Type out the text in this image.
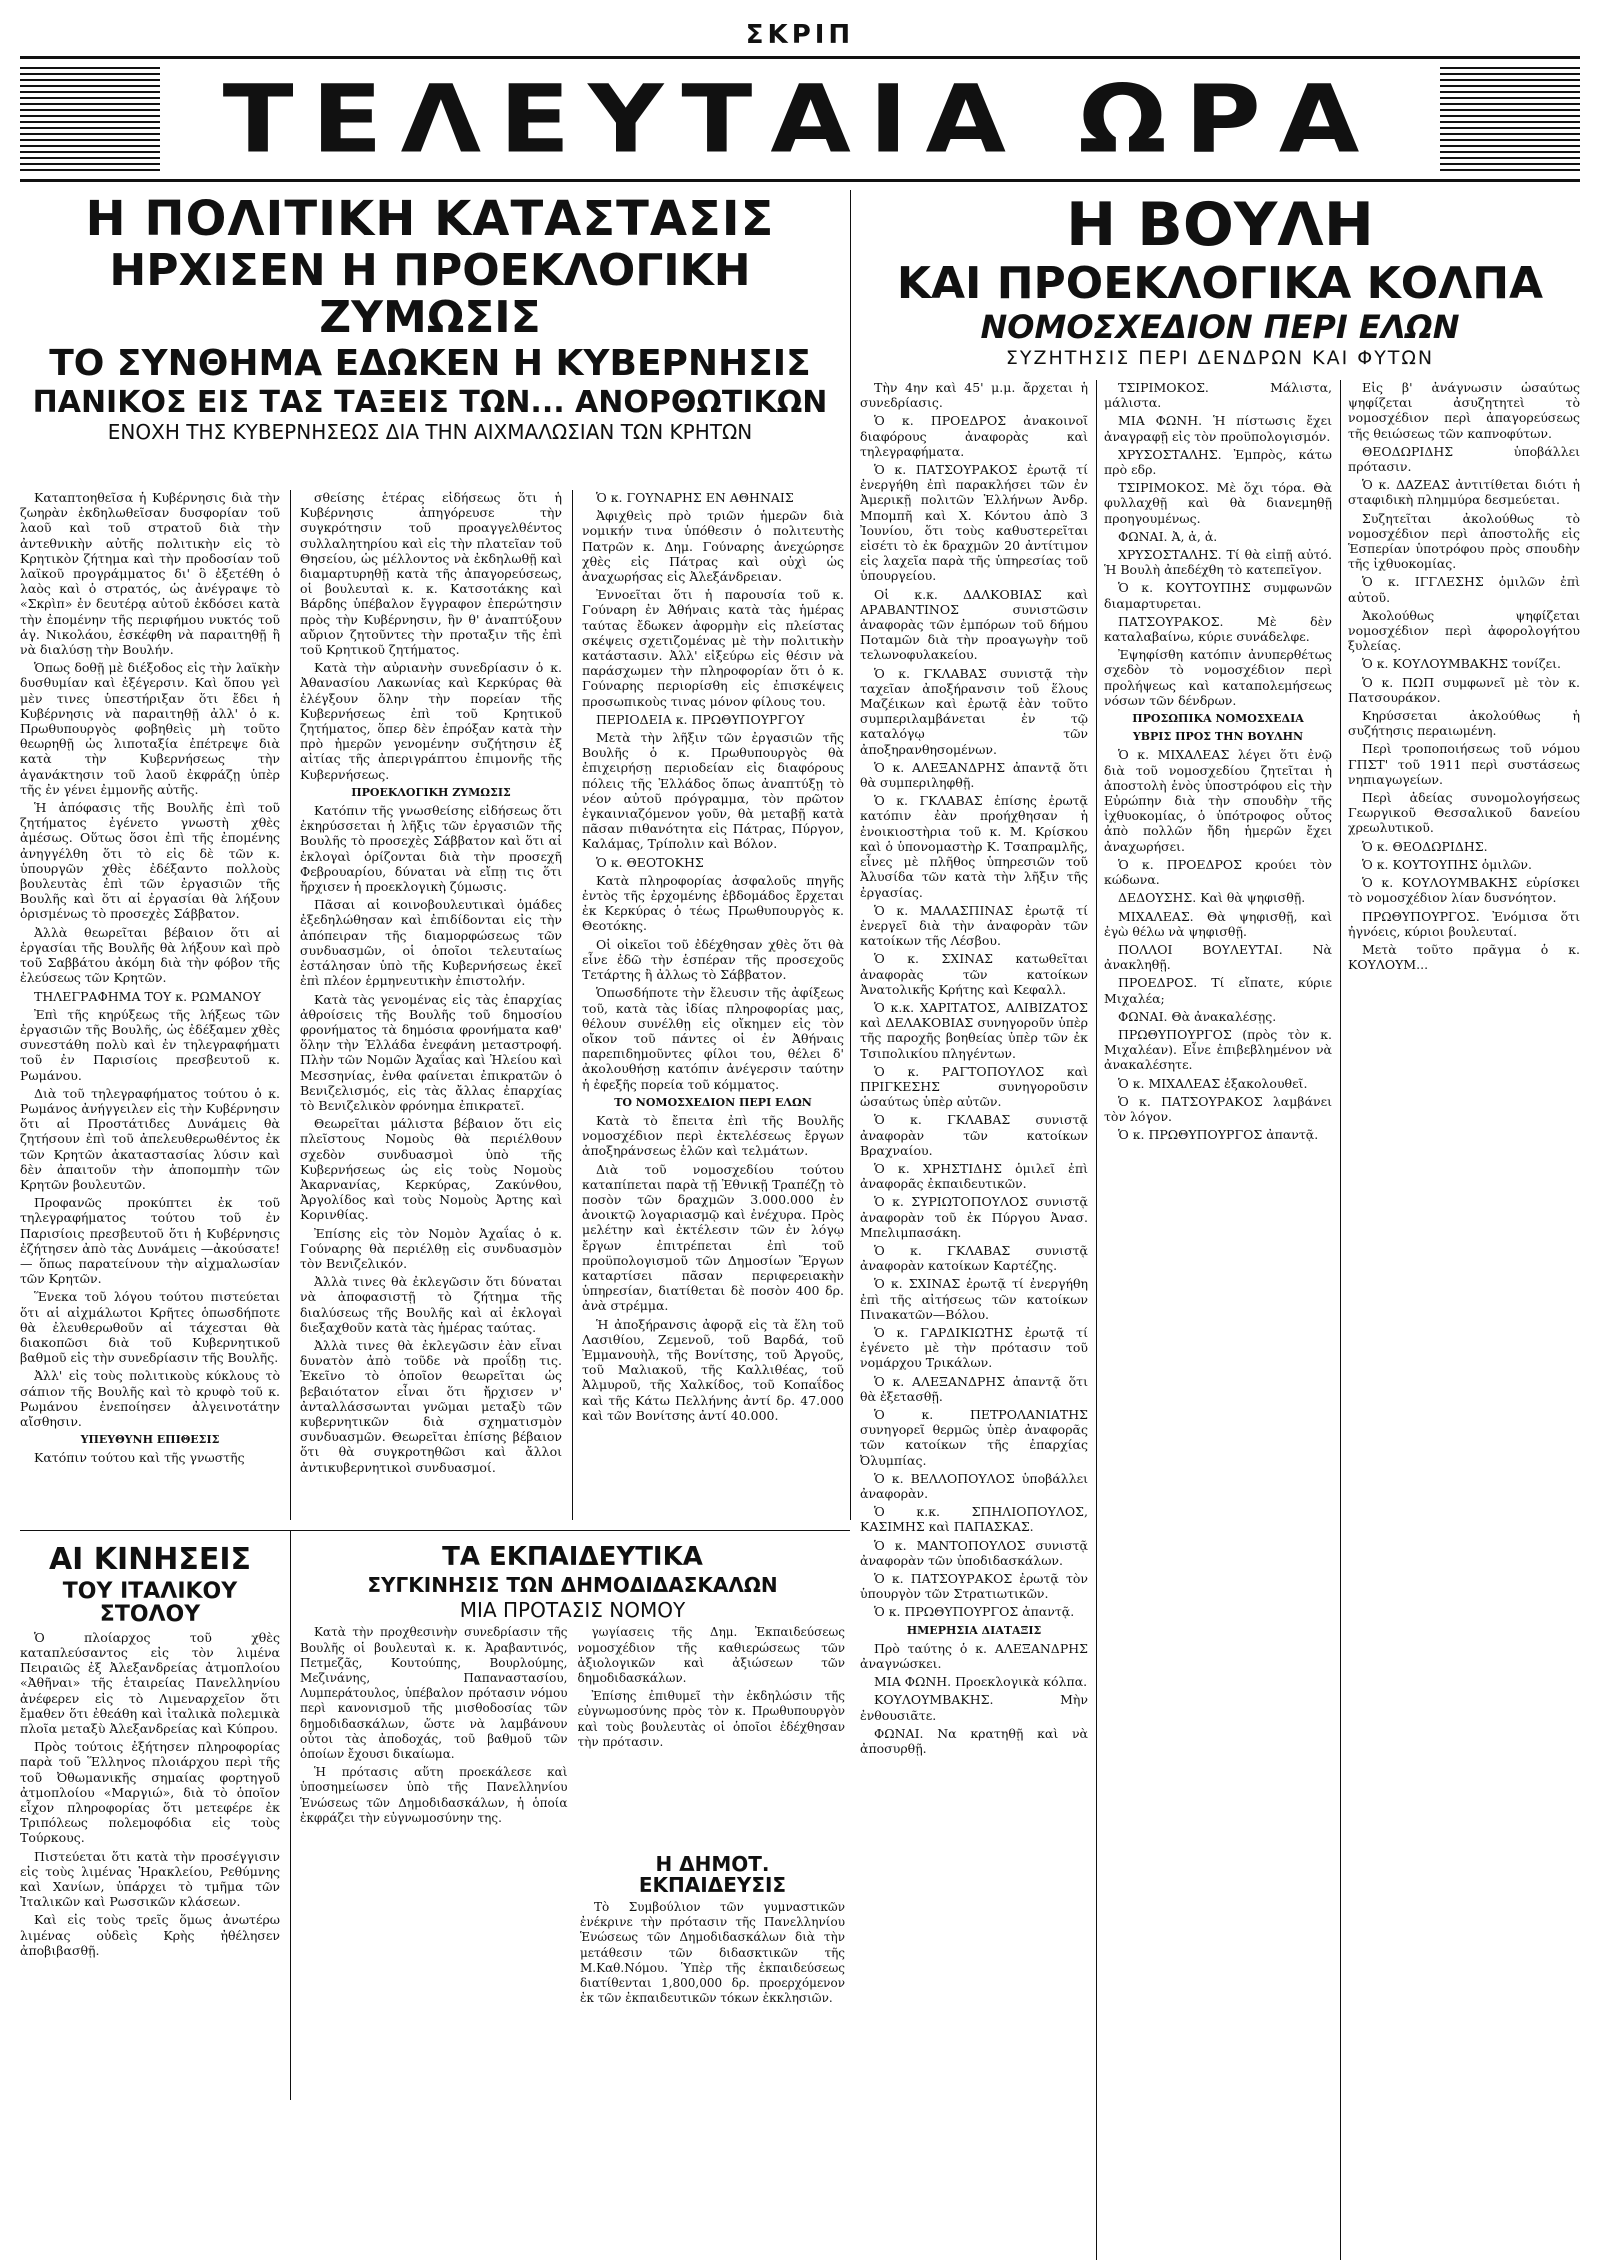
ΣΚΡΙΠ
ΤΕΛΕΥΤΑΙΑ ΩΡΑ
Η ΠΟΛΙΤΙΚΗ ΚΑΤΑΣΤΑΣΙΣ
ΗΡΧΙΣΕΝ Η ΠΡΟΕΚΛΟΓΙΚΗ ΖΥΜΩΣΙΣ
ΤΟ ΣΥΝΘΗΜΑ ΕΔΩΚΕΝ Η ΚΥΒΕΡΝΗΣΙΣ
ΠΑΝΙΚΟΣ ΕΙΣ ΤΑΣ ΤΑΞΕΙΣ ΤΩΝ... ΑΝΟΡΘΩΤΙΚΩΝ
ΕΝΟΧΗ ΤΗΣ ΚΥΒΕΡΝΗΣΕΩΣ ΔΙΑ ΤΗΝ ΑΙΧΜΑΛΩΣΙΑΝ ΤΩΝ ΚΡΗΤΩΝ
Η ΒΟΥΛΗ
ΚΑΙ ΠΡΟΕΚΛΟΓΙΚΑ ΚΟΛΠΑ
ΝΟΜΟΣΧΕΔΙΟΝ ΠΕΡΙ ΕΛΩΝ
ΣΥΖΗΤΗΣΙΣ ΠΕΡΙ ΔΕΝΔΡΩΝ ΚΑΙ ΦΥΤΩΝ

Καταπτοηθεῖσα ἡ Κυβέρνησις διὰ τὴν ζωηρὰν ἐκδηλωθεῖσαν δυσφορίαν τοῦ λαοῦ καὶ τοῦ στρατοῦ διὰ τὴν ἀντεθνικὴν αὐτῆς πολιτικὴν εἰς τὸ Κρητικὸν ζήτημα καὶ τὴν προδοσίαν τοῦ λαϊκοῦ προγράμματος δι' ὃ ἐξετέθη ὁ λαὸς καὶ ὁ στρατός, ὡς ἀνέγραψε τὸ «Σκρὶπ» ἐν δευτέρᾳ αὐτοῦ ἐκδόσει κατὰ τὴν ἐπομένην τῆς περιφήμου νυκτός τοῦ ἁγ. Νικολάου, ἐσκέφθη νὰ παραιτηθῇ ἢ νὰ διαλύσῃ τὴν Βουλήν.

Ὁπως δοθῇ μὲ διέξοδος εἰς τὴν λαϊκὴν δυσθυμίαν καὶ ἐξέγερσιν. Καὶ ὅπου γεὶ μὲν τινες ὑπεστήριξαν ὅτι ἔδει ἡ Κυβέρνησις νὰ παραιτηθῇ ἀλλ' ὁ κ. Πρωθυπουργὸς φοβηθεὶς μὴ τοῦτο θεωρηθῇ ὡς λιποταξία ἐπέτρεψε διὰ κατὰ τὴν Κυβερνήσεως τὴν ἀγανάκτησιν τοῦ λαοῦ ἐκφράζῃ ὑπὲρ τῆς ἐν γένει ἐμμονῆς αὐτῆς.

Ἡ ἀπόφασις τῆς Βουλῆς ἐπὶ τοῦ ζητήματος ἐγένετο γνωστὴ χθὲς ἀμέσως. Οὕτως ὅσοι ἐπὶ τῆς ἐπομένης ἀνηγγέλθη ὅτι τὸ εἰς δὲ τῶν κ. ὑπουργῶν χθὲς ἐδέξαντο πολλοὺς βουλευτὰς ἐπὶ τῶν ἐργασιῶν τῆς Βουλῆς καὶ ὅτι αἱ ἐργασίαι θὰ λήξουν ὁρισμένως τὸ προσεχὲς Σάββατον.

Ἀλλὰ θεωρεῖται βέβαιον ὅτι αἱ ἐργασίαι τῆς Βουλῆς θὰ λήξουν καὶ πρὸ τοῦ Σαββάτου ἀκόμη διὰ τὴν φόβον τῆς ἐλεύσεως τῶν Κρητῶν.

ΤΗΛΕΓΡΑΦΗΜΑ ΤΟΥ κ. ΡΩΜΑΝΟΥ

Ἐπὶ τῆς κηρύξεως τῆς λήξεως τῶν ἐργασιῶν τῆς Βουλῆς, ὡς ἐδέξαμεν χθὲς συνεστάθη πολὺ καὶ ἐν τηλεγραφήματι τοῦ ἐν Παρισίοις πρεσβευτοῦ κ. Ρωμάνου.

Διὰ τοῦ τηλεγραφήματος τούτου ὁ κ. Ρωμάνος ἀνήγγειλεν εἰς τὴν Κυβέρνησιν ὅτι αἱ Προστάτιδες Δυνάμεις θὰ ζητήσουν ἐπὶ τοῦ ἀπελευθερωθέντος ἐκ τῶν Κρητῶν ἀκαταστασίας λύσιν καὶ δὲν ἀπαιτοῦν τὴν ἀποπομπὴν τῶν Κρητῶν βουλευτῶν.

Προφανῶς προκύπτει ἐκ τοῦ τηλεγραφήματος τούτου τοῦ ἐν Παρισίοις πρεσβευτοῦ ὅτι ἡ Κυβέρνησις ἐζήτησεν ἀπὸ τὰς Δυνάμεις —ἀκούσατε!— ὅπως παρατείνουν τὴν αἰχμαλωσίαν τῶν Κρητῶν.

Ἕνεκα τοῦ λόγου τούτου πιστεύεται ὅτι αἱ αἰχμάλωτοι Κρῆτες ὁπωσδήποτε θὰ ἐλευθερωθοῦν αἱ τάχεσται θὰ διακοπῶσι διὰ τοῦ Κυβερνητικοῦ βαθμοῦ εἰς τὴν συνεδρίασιν τῆς Βουλῆς.

Ἀλλ' εἰς τοὺς πολιτικοὺς κύκλους τὸ σάπιον τῆς Βουλῆς καὶ τὸ κρυφὸ τοῦ κ. Ρωμάνου ἐνεποίησεν ἀλγεινοτάτην αἴσθησιν.

ΥΠΕΥΘΥΝΗ ΕΠΙΘΕΣΙΣ

Κατόπιν τούτου καὶ τῆς γνωστῆς

σθείσης ἑτέρας εἰδήσεως ὅτι ἡ Κυβέρνησις ἀπηγόρευσε τὴν συγκρότησιν τοῦ προαγγελθέντος συλλαλητηρίου καὶ εἰς τὴν πλατεῖαν τοῦ Θησείου, ὡς μέλλοντος νὰ ἐκδηλωθῇ καὶ διαμαρτυρηθῇ κατὰ τῆς ἀπαγορεύσεως, οἱ βουλευταὶ κ. κ. Κατσοτάκης καὶ Βάρδης ὑπέβαλον ἔγγραφον ἐπερώτησιν πρὸς τὴν Κυβέρνησιν, ἣν θ' ἀναπτύξουν αὔριον ζητοῦντες τὴν προταξιν τῆς ἐπὶ τοῦ Κρητικοῦ ζητήματος.

Κατὰ τὴν αὐριανὴν συνεδρίασιν ὁ κ. Ἀθανασίου Λακωνίας καὶ Κερκύρας θὰ ἐλέγξουν ὅλην τὴν πορείαν τῆς Κυβερνήσεως ἐπὶ τοῦ Κρητικοῦ ζητήματος, ὅπερ δὲν ἐπρόξαν κατὰ τὴν πρὸ ἡμερῶν γενομένην συζήτησιν ἐξ αἰτίας τῆς ἀπεριγράπτου ἐπιμονῆς τῆς Κυβερνήσεως.

ΠΡΟΕΚΛΟΓΙΚΗ ΖΥΜΩΣΙΣ

Κατόπιν τῆς γνωσθείσης εἰδήσεως ὅτι ἐκηρύσσεται ἡ λῆξις τῶν ἐργασιῶν τῆς Βουλῆς τὸ προσεχὲς Σάββατον καὶ ὅτι αἱ ἐκλογαὶ ὁρίζονται διὰ τὴν προσεχῆ Φεβρουαρίου, δύναται νὰ εἴπῃ τις ὅτι ἤρχισεν ἡ προεκλογικὴ ζύμωσις.

Πᾶσαι αἱ κοινοβουλευτικαὶ ὁμάδες ἐξεδηλώθησαν καὶ ἐπιδίδονται εἰς τὴν ἀπόπειραν τῆς διαμορφώσεως τῶν συνδυασμῶν, οἱ ὁποῖοι τελευταίως ἐστάλησαν ὑπὸ τῆς Κυβερνήσεως ἐκεῖ ἐπὶ πλέον ἑρμηνευτικὴν ἐπιστολήν.

Κατὰ τὰς γενομένας εἰς τὰς ἐπαρχίας ἀθροίσεις τῆς Βουλῆς τοῦ δημοσίου φρονήματος τὰ δημόσια φρονήματα καθ' ὅλην τὴν Ἑλλάδα ἐνεφάνη μεταστροφή. Πλὴν τῶν Νομῶν Ἀχαΐας καὶ Ἠλείου καὶ Μεσσηνίας, ἐνθα φαίνεται ἐπικρατῶν ὁ Βενιζελισμός, εἰς τὰς ἄλλας ἐπαρχίας τὸ Βενιζελικὸν φρόνημα ἐπικρατεῖ.

Θεωρεῖται μάλιστα βέβαιον ὅτι εἰς πλεῖστους Νομοὺς θὰ περιέλθουν σχεδὸν συνδυασμοὶ ὑπὸ τῆς Κυβερνήσεως ὡς εἰς τοὺς Νομοὺς Ἀκαρνανίας, Κερκύρας, Ζακύνθου, Ἀργολίδος καὶ τοὺς Νομοὺς Ἀρτης καὶ Κορινθίας.

Ἐπίσης εἰς τὸν Νομὸν Ἀχαΐας ὁ κ. Γούναρης θὰ περιέλθῃ εἰς συνδυασμὸν τὸν Βενιζελικόν.

Ἀλλὰ τινες θὰ ἐκλεγῶσιν ὅτι δύναται νὰ ἀποφασιστῇ τὸ ζήτημα τῆς διαλύσεως τῆς Βουλῆς καὶ αἱ ἐκλογαὶ διεξαχθοῦν κατὰ τὰς ἡμέρας ταύτας.

Ἀλλὰ τινες θὰ ἐκλεγῶσιν ἐὰν εἶναι δυνατὸν ἀπὸ τοῦδε νὰ προΐδῃ τις. Ἐκεῖνο τὸ ὁποῖον θεωρεῖται ὡς βεβαιότατον εἶναι ὅτι ἤρχισεν ν' ἀνταλλάσσωνται γνῶμαι μεταξὺ τῶν κυβερνητικῶν διὰ σχηματισμὸν συνδυασμῶν. Θεωρεῖται ἐπίσης βέβαιον ὅτι θὰ συγκροτηθῶσι καὶ ἄλλοι ἀντικυβερνητικοὶ συνδυασμοί.

Ὁ κ. ΓΟΥΝΑΡΗΣ ΕΝ ΑΘΗΝΑΙΣ

Ἀφιχθεὶς πρὸ τριῶν ἡμερῶν διὰ νομικήν τινα ὑπόθεσιν ὁ πολιτευτὴς Πατρῶν κ. Δημ. Γούναρης ἀνεχώρησε χθὲς εἰς Πάτρας καὶ οὐχὶ ὡς ἀναχωρήσας εἰς Ἀλεξάνδρειαν.

Ἐννοεῖται ὅτι ἡ παρουσία τοῦ κ. Γούναρη ἐν Ἀθήναις κατὰ τὰς ἡμέρας ταύτας ἔδωκεν ἀφορμὴν εἰς πλείστας σκέψεις σχετιζομένας μὲ τὴν πολιτικὴν κατάστασιν. Ἀλλ' εἰξεύρω εἰς θέσιν νὰ παράσχωμεν τὴν πληροφορίαν ὅτι ὁ κ. Γούναρης περιορίσθη εἰς ἐπισκέψεις προσωπικοὺς τινας μόνον φίλους του.

ΠΕΡΙΟΔΕΙΑ κ. ΠΡΩΘΥΠΟΥΡΓΟΥ

Μετὰ τὴν λῆξιν τῶν ἐργασιῶν τῆς Βουλῆς ὁ κ. Πρωθυπουργὸς θὰ ἐπιχειρήσῃ περιοδείαν εἰς διαφόρους πόλεις τῆς Ἑλλάδος ὅπως ἀναπτύξῃ τὸ νέον αὐτοῦ πρόγραμμα, τὸν πρῶτον ἐγκαινιαζόμενον γοῦν, θὰ μεταβῇ κατὰ πᾶσαν πιθανότητα εἰς Πάτρας, Πύργον, Καλάμας, Τρίπολιν καὶ Βόλον.

Ὁ κ. ΘΕΟΤΟΚΗΣ

Κατὰ πληροφορίας ἀσφαλοῦς πηγῆς ἐντὸς τῆς ἐρχομένης ἑβδομάδος ἔρχεται ἐκ Κερκύρας ὁ τέως Πρωθυπουργὸς κ. Θεοτόκης.

Οἱ οἰκεῖοι τοῦ ἐδέχθησαν χθὲς ὅτι θὰ εἶνε ἐδῶ τὴν ἑσπέραν τῆς προσεχοῦς Τετάρτης ἢ ἀλλως τὸ Σάββατον.

Ὁπωσδήποτε τὴν ἔλευσιν τῆς ἀφίξεως τοῦ, κατὰ τὰς ἰδίας πληροφορίας μας, θέλουν συνέλθῃ εἰς οἴκημεν εἰς τὸν οἴκον τοῦ πάντες οἱ ἐν Ἀθήναις παρεπιδημοῦντες φίλοι του, θέλει δ' ἀκολουθήσῃ κατόπιν ἀνέγερσιν ταύτην ἡ ἐφεξῆς πορεία τοῦ κόμματος.

ΤΟ ΝΟΜΟΣΧΕΔΙΟΝ ΠΕΡΙ ΕΛΩΝ

Κατὰ τὸ ἔπειτα ἐπὶ τῆς Βουλῆς νομοσχέδιον περὶ ἐκτελέσεως ἔργων ἀποξηράνσεως ἑλῶν καὶ τελμάτων.

Διὰ τοῦ νομοσχεδίου τούτου καταπίπεται παρὰ τῇ Ἐθνικῇ Τραπέζῃ τὸ ποσὸν τῶν δραχμῶν 3.000.000 ἐν ἀνοικτῷ λογαριασμῷ καὶ ἐνέχυρα. Πρὸς μελέτην καὶ ἐκτέλεσιν τῶν ἐν λόγῳ ἔργων ἐπιτρέπεται ἐπὶ τοῦ προϋπολογισμοῦ τῶν Δημοσίων Ἔργων καταρτίσει πᾶσαν περιφερειακὴν ὑπηρεσίαν, διατίθεται δὲ ποσὸν 400 δρ. ἀνὰ στρέμμα.

Ἡ ἀποξήρανσις ἀφορᾷ εἰς τὰ ἕλη τοῦ Λασιθίου, Ζεμενοῦ, τοῦ Βαρδά, τοῦ Ἐμμανουὴλ, τῆς Βονίτσης, τοῦ Ἀργοῦς, τοῦ Μαλιακοῦ, τῆς Καλλιθέας, τοῦ Ἀλμυροῦ, τῆς Χαλκίδος, τοῦ Κοπαΐδος καὶ τῆς Κάτω Πελλήνης ἀντί δρ. 47.000 καὶ τῶν Βονίτσης ἀντί 40.000.

Τὴν 4ην καὶ 45' μ.μ. ἄρχεται ἡ συνεδρίασις.

Ὁ κ. ΠΡΟΕΔΡΟΣ ἀνακοινοῖ διαφόρους ἀναφορὰς καὶ τηλεγραφήματα.

Ὁ κ. ΠΑΤΣΟΥΡΑΚΟΣ ἐρωτᾷ τί ἐνεργήθη ἐπὶ παρακλήσει τῶν ἐν Ἀμερικῇ πολιτῶν Ἑλλήνων Ἀνδρ. Μπομπῆ καὶ Χ. Κόντου ἀπὸ 3 Ἰουνίου, ὅτι τοὺς καθυστερεῖται εἰσέτι τὸ ἐκ δραχμῶν 20 ἀντίτιμον εἰς λαχεῖα παρὰ τῆς ὑπηρεσίας τοῦ ὑπουργείου.

Οἱ κ.κ. ΔΑΛΚΟΒΙΑΣ καὶ ΑΡΑΒΑΝΤΙΝΟΣ συνιστῶσιν ἀναφορὰς τῶν ἐμπόρων τοῦ δήμου Ποταμῶν διὰ τὴν προαγωγὴν τοῦ τελωνοφυλακείου.

Ὁ κ. ΓΚΛΑΒΑΣ συνιστᾷ τὴν ταχεῖαν ἀποξήρανσιν τοῦ ἕλους Μαζέικων καὶ ἐρωτᾷ ἐὰν τοῦτο συμπεριλαμβάνεται ἐν τῷ καταλόγῳ τῶν ἀποξηρανθησομένων.

Ὁ κ. ΑΛΕΞΑΝΔΡΗΣ ἀπαντᾷ ὅτι θὰ συμπεριληφθῇ.

Ὁ κ. ΓΚΛΑΒΑΣ ἐπίσης ἐρωτᾷ κατόπιν ἐὰν προήχθησαν ἡ ἐνοικιοστὴρια τοῦ κ. Μ. Κρίσκου καὶ ὁ ὑπονομαστὴρ Κ. Τσαπραμλῆς, εἶνες μὲ πλῆθος ὑπηρεσιῶν τοῦ Ἀλυσίδα τῶν κατὰ τὴν λῆξιν τῆς ἐργασίας.

Ὁ κ. ΜΑΛΑΣΠΙΝΑΣ ἐρωτᾷ τί ἐνεργεῖ διὰ τὴν ἀναφορὰν τῶν κατοίκων τῆς Λέσβου.

Ὁ κ. ΣΧΙΝΑΣ κατωθεῖται ἀναφορὰς τῶν κατοίκων Ἀνατολικῆς Κρήτης καὶ Κεφαλλ.

Ὁ κ.κ. ΧΑΡΙΤΑΤΟΣ, ΑΛΙΒΙΖΑΤΟΣ καὶ ΔΕΛΑΚΟΒΙΑΣ συνηγοροῦν ὑπὲρ τῆς παροχῆς βοηθείας ὑπὲρ τῶν ἐκ Τσιπολικίου πληγέντων.

Ὁ κ. ΡΑΓΤΟΠΟΥΛΟΣ καὶ ΠΡΙΓΚΕΣΗΣ συνηγοροῦσιν ὡσαύτως ὑπὲρ αὐτῶν.

Ὁ κ. ΓΚΛΑΒΑΣ συνιστᾷ ἀναφορὰν τῶν κατοίκων Βραχναίου.

Ὁ κ. ΧΡΗΣΤΙΔΗΣ ὁμιλεῖ ἐπὶ ἀναφορᾶς ἐκπαιδευτικῶν.

Ὁ κ. ΣΥΡΙΩΤΟΠΟΥΛΟΣ συνιστᾷ ἀναφορὰν τοῦ ἐκ Πύργου Ἀνασ. Μπελιμπασάκη.

Ὁ κ. ΓΚΛΑΒΑΣ συνιστᾷ ἀναφορὰν κατοίκων Καρτέζης.

Ὁ κ. ΣΧΙΝΑΣ ἐρωτᾷ τί ἐνεργήθη ἐπὶ τῆς αἰτήσεως τῶν κατοίκων Πινακατῶν—Βόλου.

Ὁ κ. ΓΑΡΔΙΚΙΩΤΗΣ ἐρωτᾷ τί ἐγένετο μὲ τὴν πρότασιν τοῦ νομάρχου Τρικάλων.

Ὁ κ. ΑΛΕΞΑΝΔΡΗΣ ἀπαντᾷ ὅτι θὰ ἐξετασθῇ.

Ὁ κ. ΠΕΤΡΟΛΑΝΙΑΤΗΣ συνηγορεῖ θερμῶς ὑπὲρ ἀναφορᾶς τῶν κατοίκων τῆς ἐπαρχίας Ὀλυμπίας.

Ὁ κ. ΒΕΛΛΟΠΟΥΛΟΣ ὑποβάλλει ἀναφορὰν.

Ὁ κ.κ. ΣΠΗΛΙΟΠΟΥΛΟΣ, ΚΑΣΙΜΗΣ καὶ ΠΑΠΑΣΚΑΣ.

Ὁ κ. ΜΑΝΤΟΠΟΥΛΟΣ συνιστᾷ ἀναφορὰν τῶν ὑποδιδασκάλων.

Ὁ κ. ΠΑΤΣΟΥΡΑΚΟΣ ἐρωτᾷ τὸν ὑπουργὸν τῶν Στρατιωτικῶν.

Ὁ κ. ΠΡΩΘΥΠΟΥΡΓΟΣ ἀπαντᾷ.

ΗΜΕΡΗΣΙΑ ΔΙΑΤΑΞΙΣ

Πρὸ ταύτης ὁ κ. ΑΛΕΞΑΝΔΡΗΣ ἀναγνώσκει.

ΜΙΑ ΦΩΝΗ. Προεκλογικὰ κόλπα.

ΚΟΥΛΟΥΜΒΑΚΗΣ. Μὴν ἐνθουσιᾶτε.

ΦΩΝΑΙ. Να κρατηθῇ καὶ νὰ ἀποσυρθῇ.

ΤΣΙΡΙΜΟΚΟΣ. Μάλιστα, μάλιστα.

ΜΙΑ ΦΩΝΗ. Ἡ πίστωσις ἔχει ἀναγραφῇ εἰς τὸν προϋπολογισμόν.

ΧΡΥΣΟΣΤΑΛΗΣ. Ἐμπρὸς, κάτω πρὸ εδρ.

ΤΣΙΡΙΜΟΚΟΣ. Μὲ ὅχι τόρα. Θὰ φυλλαχθῇ καὶ θὰ διανεμηθῇ προηγουμένως.

ΦΩΝΑΙ. Ἀ, ἀ, ἀ.

ΧΡΥΣΟΣΤΑΛΗΣ. Τί θὰ εἰπῇ αὐτό. Ἡ Βουλὴ ἀπεδέχθη τὸ κατεπεῖγον.

Ὁ κ. ΚΟΥΤΟΥΠΗΣ συμφωνῶν διαμαρτυρεται.

ΠΑΤΣΟΥΡΑΚΟΣ. Μὲ δὲν καταλαβαίνω, κύριε συνάδελφε.

Ἐψηφίσθη κατόπιν ἀνυπερθέτως σχεδὸν τὸ νομοσχέδιον περὶ προλήψεως καὶ καταπολεμήσεως νόσων τῶν δένδρων.

ΠΡΟΣΩΠΙΚΑ ΝΟΜΟΣΧΕΔΙΑ

ΥΒΡΙΣ ΠΡΟΣ ΤΗΝ ΒΟΥΛΗΝ

Ὁ κ. ΜΙΧΑΛΕΑΣ λέγει ὅτι ἐνῷ διὰ τοῦ νομοσχεδίου ζητεῖται ἡ ἀποστολὴ ἑνὸς ὑποστρόφου εἰς τὴν Εὐρώπην διὰ τὴν σπουδὴν τῆς ἰχθυοκομίας, ὁ ὑπότροφος οὗτος ἀπὸ πολλῶν ἤδη ἡμερῶν ἔχει ἀναχωρήσει.

Ὁ κ. ΠΡΟΕΔΡΟΣ κρούει τὸν κώδωνα.

ΔΕΔΟΥΣΗΣ. Καὶ θὰ ψηφισθῇ.

ΜΙΧΑΛΕΑΣ. Θὰ ψηφισθῇ, καὶ ἐγὼ θέλω νὰ ψηφισθῇ.

ΠΟΛΛΟΙ ΒΟΥΛΕΥΤΑΙ. Νὰ ἀνακληθῇ.

ΠΡΟΕΔΡΟΣ. Τί εἴπατε, κύριε Μιχαλέα;

ΦΩΝΑΙ. Θὰ ἀνακαλέσῃς.

ΠΡΩΘΥΠΟΥΡΓΟΣ (πρὸς τὸν κ. Μιχαλέαν). Εἶνε ἐπιβεβλημένον νὰ ἀνακαλέσητε.

Ὁ κ. ΜΙΧΑΛΕΑΣ ἐξακολουθεῖ.

Ὁ κ. ΠΑΤΣΟΥΡΑΚΟΣ λαμβάνει τὸν λόγον.

Ὁ κ. ΠΡΩΘΥΠΟΥΡΓΟΣ ἀπαντᾷ.

Εἰς β' ἀνάγνωσιν ὡσαύτως ψηφίζεται ἀσυζητητεὶ τὸ νομοσχέδιον περὶ ἀπαγορεύσεως τῆς θειώσεως τῶν καπνοφύτων.

ΘΕΟΔΩΡΙΔΗΣ ὑποβάλλει πρότασιν.

Ὁ κ. ΔΑΖΕΑΣ ἀντιτίθεται διότι ἡ σταφιδικὴ πλημμύρα δεσμεύεται.

Συζητεῖται ἀκολούθως τὸ νομοσχέδιον περὶ ἀποστολῆς εἰς Ἑσπερίαν ὑποτρόφου πρὸς σπουδὴν τῆς ἰχθυοκομίας.

Ὁ κ. ΙΓΓΛΕΣΗΣ ὁμιλῶν ἐπὶ αὐτοῦ.

Ἀκολούθως ψηφίζεται νομοσχέδιον περὶ ἀφορολογήτου ξυλείας.

Ὁ κ. ΚΟΥΛΟΥΜΒΑΚΗΣ τονίζει.

Ὁ κ. ΠΩΠ συμφωνεῖ μὲ τὸν κ. Πατσουράκον.

Κηρύσσεται ἀκολούθως ἡ συζήτησις περαιωμένη.

Περὶ τροποποιήσεως τοῦ νόμου ΓΠΣΤ' τοῦ 1911 περὶ συστάσεως νηπιαγωγείων.

Περὶ ἀδείας συνομολογήσεως Γεωργικοῦ Θεσσαλικοῦ δανείου χρεωλυτικοῦ.

Ὁ κ. ΘΕΟΔΩΡΙΔΗΣ.

Ὁ κ. ΚΟΥΤΟΥΠΗΣ ὁμιλῶν.

Ὁ κ. ΚΟΥΛΟΥΜΒΑΚΗΣ εὑρίσκει τὸ νομοσχέδιον λίαν δυσνόητον.

ΠΡΩΘΥΠΟΥΡΓΟΣ. Ἐνόμισα ὅτι ἠγνόεις, κύριοι βουλευταί.

Μετὰ τοῦτο πρᾶγμα ὁ κ. ΚΟΥΛΟΥΜ...

ΑΙ ΚΙΝΗΣΕΙΣ
ΤΟΥ ΙΤΑΛΙΚΟΥ ΣΤΟΛΟΥ

Ὁ πλοίαρχος τοῦ χθὲς καταπλεύσαντος εἰς τὸν λιμένα Πειραιῶς ἐξ Ἀλεξανδρείας ἀτμοπλοίου «Ἀθῆναι» τῆς ἑταιρείας Πανελληνίου ἀνέφερεν εἰς τὸ Λιμεναρχεῖον ὅτι ἔμαθεν ὅτι ἐθεάθη καὶ ἰταλικὰ πολεμικὰ πλοῖα μεταξὺ Ἀλεξανδρείας καὶ Κύπρου.

Πρὸς τούτοις ἐξήτησεν πληροφορίας παρὰ τοῦ Ἕλληνος πλοιάρχου περὶ τῆς τοῦ Ὀθωμανικῆς σημαίας φορτηγοῦ ἀτμοπλοίου «Μαργιώ», διὰ τὸ ὁποῖον εἶχον πληροφορίας ὅτι μετεφέρε ἐκ Τριπόλεως πολεμοφόδια εἰς τοὺς Τούρκους.

Πιστεύεται ὅτι κατὰ τὴν προσέγγισιν εἰς τοὺς λιμένας Ἡρακλείου, Ρεθύμνης καὶ Χανίων, ὑπάρχει τὸ τμῆμα τῶν Ἰταλικῶν καὶ Ρωσσικῶν κλάσεων.

Καὶ εἰς τοὺς τρεῖς ὅμως ἀνωτέρω λιμένας οὐδεὶς Κρὴς ἠθέλησεν ἀποβιβασθῇ.

ΤΑ ΕΚΠΑΙΔΕΥΤΙΚΑ
ΣΥΓΚΙΝΗΣΙΣ ΤΩΝ ΔΗΜΟΔΙΔΑΣΚΑΛΩΝ
ΜΙΑ ΠΡΟΤΑΣΙΣ ΝΟΜΟΥ

Κατὰ τὴν προχθεσινὴν συνεδρίασιν τῆς Βουλῆς οἱ βουλευταὶ κ. κ. Ἀραβαντινός, Πετμεζᾶς, Κουτούπης, Βουρλούμης, Μεζινάνης, Παπαναστασίου, Λυμπεράτουλος, ὑπέβαλον πρότασιν νόμου περὶ κανονισμοῦ τῆς μισθοδοσίας τῶν δημοδιδασκάλων, ὥστε νὰ λαμβάνουν οὗτοι τὰς ἀποδοχάς, τοῦ βαθμοῦ τῶν ὁποίων ἔχουσι δικαίωμα.

Ἡ πρότασις αὕτη προεκάλεσε καὶ ὑποσημείωσεν ὑπὸ τῆς Πανελληνίου Ἑνώσεως τῶν Δημοδιδασκάλων, ἡ ὁποία ἐκφράζει τὴν εὐγνωμοσύνην της.

γωγίασεις τῆς Δημ. Ἐκπαιδεύσεως νομοσχέδιον τῆς καθιερώσεως τῶν ἀξιολογικῶν καὶ ἀξιώσεων τῶν δημοδιδασκάλων.

Ἐπίσης ἐπιθυμεῖ τὴν ἐκδηλώσιν τῆς εὐγνωμοσύνης πρὸς τὸν κ. Πρωθυπουργὸν καὶ τοὺς βουλευτὰς οἱ ὁποῖοι ἐδέχθησαν τὴν πρότασιν.

Η ΔΗΜΟΤ. ΕΚΠΑΙΔΕΥΣΙΣ

Τὸ Συμβούλιον τῶν γυμναστικῶν ἐνέκρινε τὴν πρότασιν τῆς Πανελληνίου Ἑνώσεως τῶν Δημοδιδασκάλων διὰ τὴν μετάθεσιν τῶν διδασκτικῶν τῆς Μ.Καθ.Νόμου. Ὑπὲρ τῆς ἐκπαιδεύσεως διατίθενται 1,800,000 δρ. προερχόμενον ἐκ τῶν ἐκπαιδευτικῶν τόκων ἐκκλησιῶν.
